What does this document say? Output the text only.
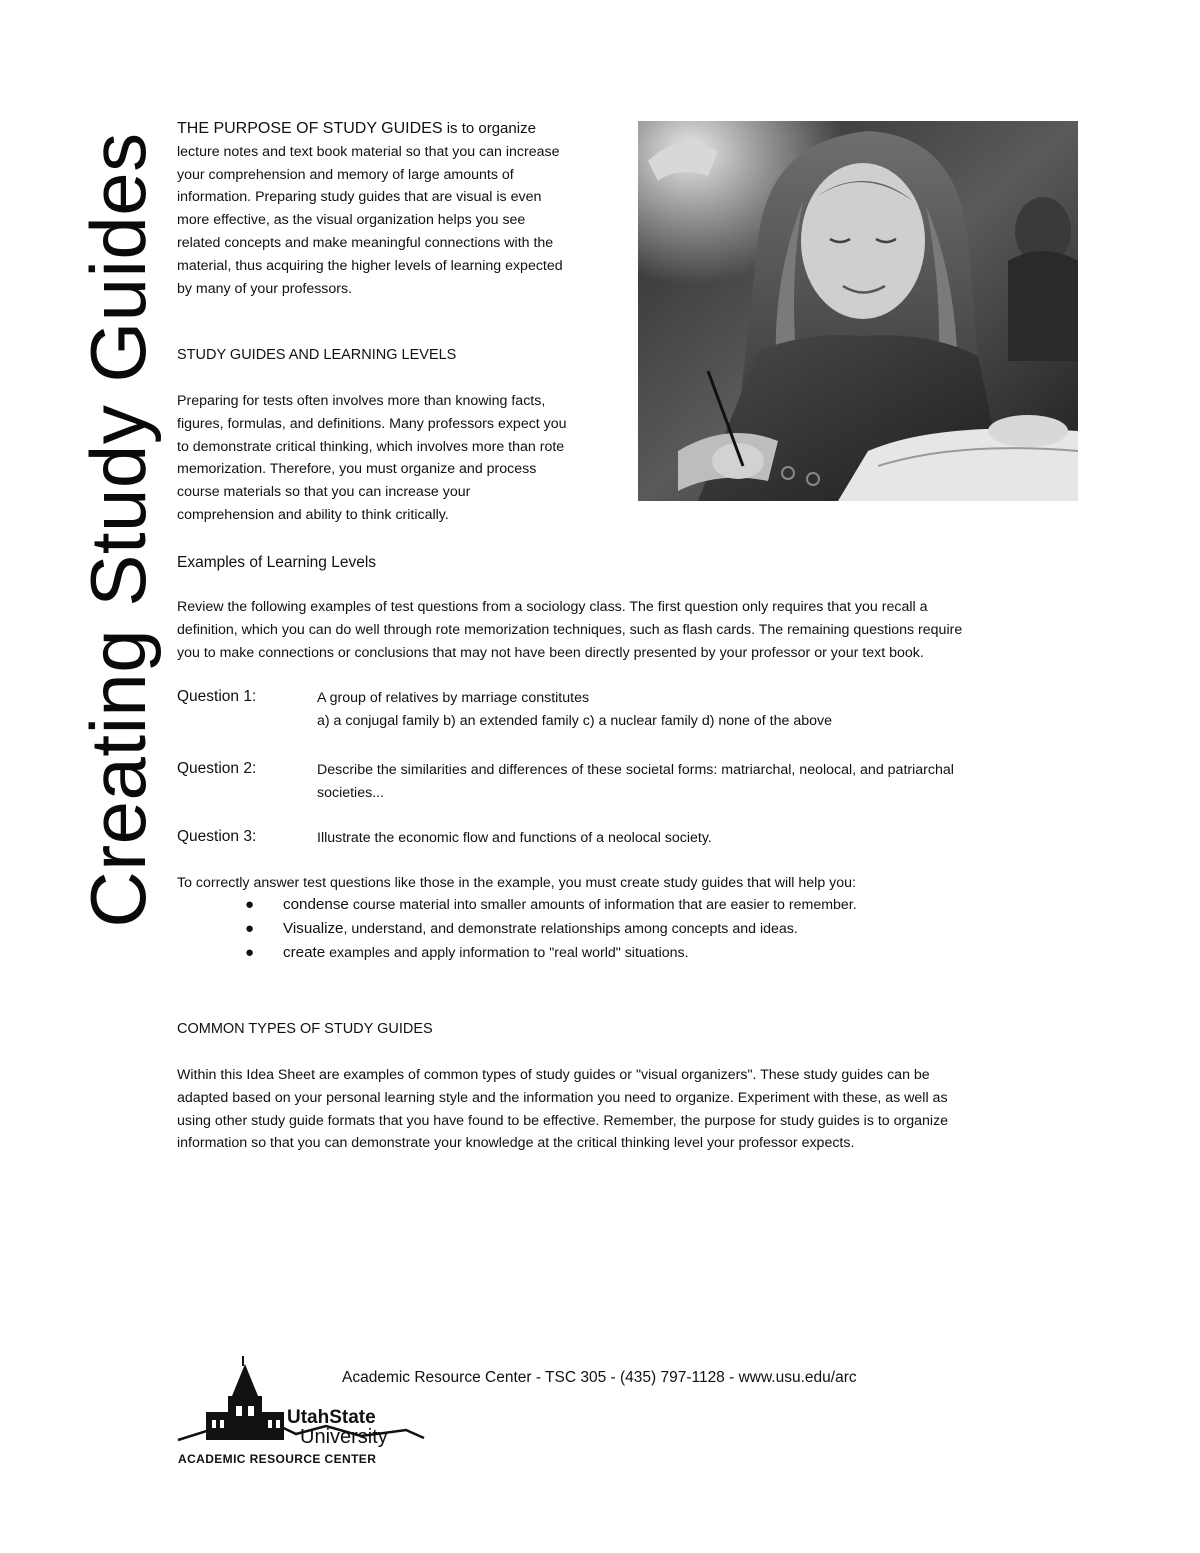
Creating Study Guides
THE PURPOSE OF STUDY GUIDES is to organize
lecture notes and text book material so that you can increase
your comprehension and memory of large amounts of
information. Preparing study guides that are visual is even
more effective, as the visual organization helps you see
related concepts and make meaningful connections with the
material, thus acquiring the higher levels of learning expected
by many of your professors.
STUDY GUIDES AND LEARNING LEVELS
Preparing for tests often involves more than knowing facts,
figures, formulas, and definitions. Many professors expect you
to demonstrate critical thinking, which involves more than rote
memorization. Therefore, you must organize and process
course materials so that you can increase your
comprehension and ability to think critically.
Examples of Learning Levels
Review the following examples of test questions from a sociology class. The first question only requires that you recall a
definition, which you can do well through rote memorization techniques, such as flash cards. The remaining questions require
you to make connections or conclusions that may not have been directly presented by your professor or your text book.
Question 1:	A group of relatives by marriage constitutes
a) a conjugal family b) an extended family c) a nuclear family d) none of the above
Question 2:	Describe the similarities and differences of these societal forms: matriarchal, neolocal, and patriarchal
societies...
Question 3:	Illustrate the economic flow and functions of a neolocal society.
To correctly answer test questions like those in the example, you must create study guides that will help you:
● condense course material into smaller amounts of information that are easier to remember.
● Visualize, understand, and demonstrate relationships among concepts and ideas.
● create examples and apply information to "real world" situations.
COMMON TYPES OF STUDY GUIDES
Within this Idea Sheet are examples of common types of study guides or "visual organizers". These study guides can be
adapted based on your personal learning style and the information you need to organize. Experiment with these, as well as
using other study guide formats that you have found to be effective. Remember, the purpose for study guides is to organize
information so that you can demonstrate your knowledge at the critical thinking level your professor expects.
UtahState
University
ACADEMIC RESOURCE CENTER
Academic Resource Center - TSC 305 - (435) 797-1128 - www.usu.edu/arc
